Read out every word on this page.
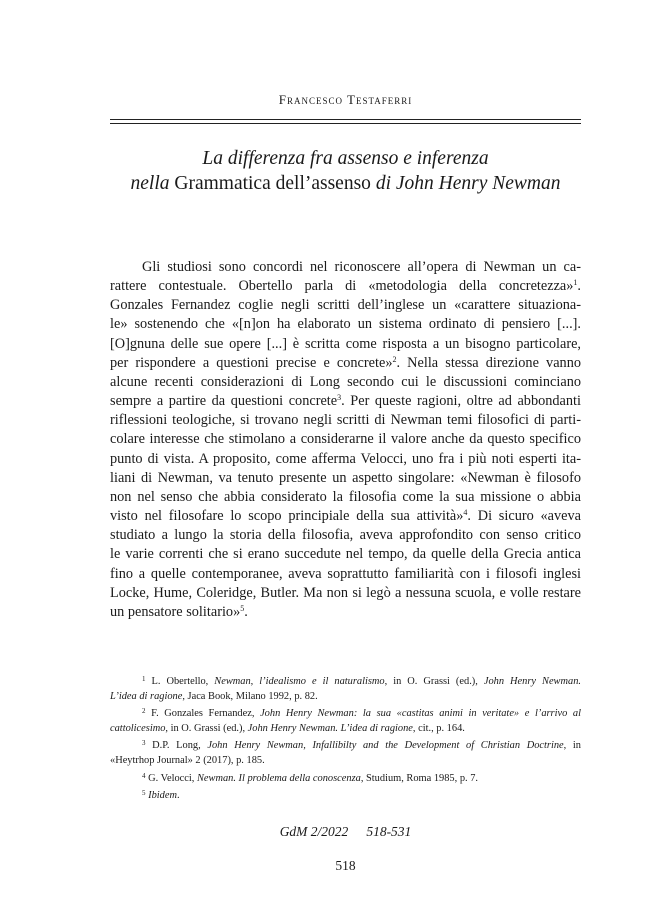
Francesco Testaferri
La differenza fra assenso e inferenza
nella Grammatica dell’assenso di John Henry Newman
Gli studiosi sono concordi nel riconoscere all’opera di Newman un ca-
rattere contestuale. Obertello parla di «metodologia della concretezza»$^1$.
Gonzales Fernandez coglie negli scritti dell’inglese un «carattere situaziona-
le» sostenendo che «[n]on ha elaborato un sistema ordinato di pensiero [...].
[O]gnuna delle sue opere [...] è scritta come risposta a un bisogno particolare,
per rispondere a questioni precise e concrete»$^2$. Nella stessa direzione vanno
alcune recenti considerazioni di Long secondo cui le discussioni cominciano
sempre a partire da questioni concrete$^3$. Per queste ragioni, oltre ad abbondanti
riflessioni teologiche, si trovano negli scritti di Newman temi filosofici di parti-
colare interesse che stimolano a considerarne il valore anche da questo specifico
punto di vista. A proposito, come afferma Velocci, uno fra i più noti esperti ita-
liani di Newman, va tenuto presente un aspetto singolare: «Newman è filosofo
non nel senso che abbia considerato la filosofia come la sua missione o abbia
visto nel filosofare lo scopo principiale della sua attività»$^4$. Di sicuro «aveva
studiato a lungo la storia della filosofia, aveva approfondito con senso critico
le varie correnti che si erano succedute nel tempo, da quelle della Grecia antica
fino a quelle contemporanee, aveva soprattutto familiarità con i filosofi inglesi
Locke, Hume, Coleridge, Butler. Ma non si legò a nessuna scuola, e volle restare
un pensatore solitario»$^5$.
$^1$ L. Obertello, Newman, l’idealismo e il naturalismo, in O. Grassi (ed.), John Henry Newman.
L’idea di ragione, Jaca Book, Milano 1992, p. 82.
$^2$ F. Gonzales Fernandez, John Henry Newman: la sua «castitas animi in veritate» e l’arrivo al
cattolicesimo, in O. Grassi (ed.), John Henry Newman. L’idea di ragione, cit., p. 164.
$^3$ D.P. Long, John Henry Newman, Infallibilty and the Development of Christian Doctrine, in
«Heytrhop Journal» 2 (2017), p. 185.
$^4$ G. Velocci, Newman. Il problema della conoscenza, Studium, Roma 1985, p. 7.
$^5$ Ibidem.
GdM 2/2022 518-531
518
